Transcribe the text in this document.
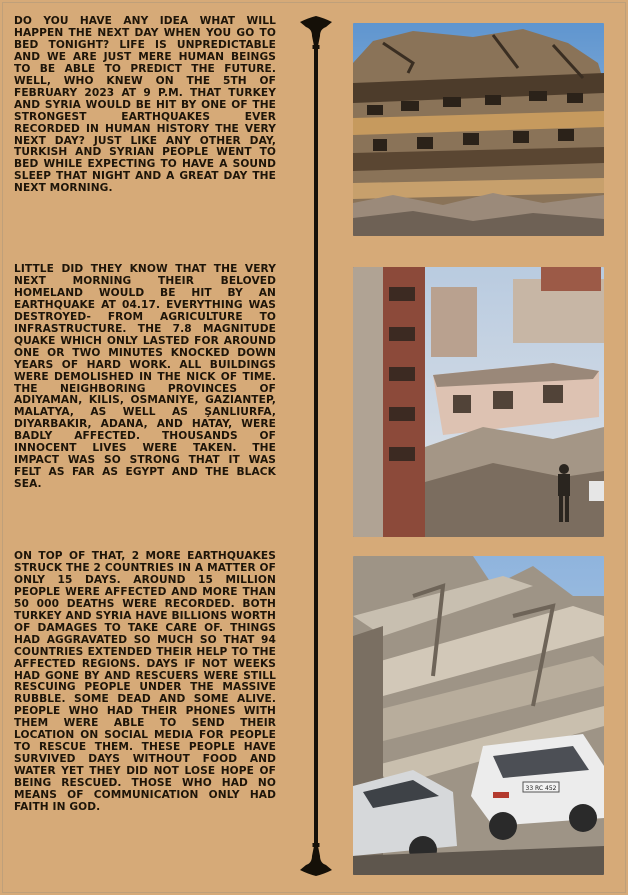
DO YOU HAVE ANY IDEA WHAT WILL HAPPEN THE NEXT DAY WHEN YOU GO TO BED TONIGHT? LIFE IS UNPREDICTABLE AND WE ARE JUST MERE HUMAN BEINGS TO BE ABLE TO PREDICT THE FUTURE. WELL, WHO KNEW ON THE 5TH OF FEBRUARY 2023 AT 9 P.M. THAT TURKEY AND SYRIA WOULD BE HIT BY ONE OF THE STRONGEST EARTHQUAKES EVER RECORDED IN HUMAN HISTORY THE VERY NEXT DAY? JUST LIKE ANY OTHER DAY, TURKISH AND SYRIAN PEOPLE WENT TO BED WHILE EXPECTING TO HAVE A SOUND SLEEP THAT NIGHT AND A GREAT DAY THE NEXT MORNING.

LITTLE DID THEY KNOW THAT THE VERY NEXT MORNING THEIR BELOVED HOMELAND WOULD BE HIT BY AN EARTHQUAKE AT 04.17. EVERYTHING WAS DESTROYED- FROM AGRICULTURE TO INFRASTRUCTURE. THE 7.8 MAGNITUDE QUAKE WHICH ONLY LASTED FOR AROUND ONE OR TWO MINUTES KNOCKED DOWN YEARS OF HARD WORK. ALL BUILDINGS WERE DEMOLISHED IN THE NICK OF TIME. THE NEIGHBORING PROVINCES OF ADIYAMAN, KILIS, OSMANIYE, GAZIANTEP, MALATYA, AS WELL AS ŞANLIURFA, DIYARBAKIR, ADANA, AND HATAY, WERE BADLY AFFECTED. THOUSANDS OF INNOCENT LIVES WERE TAKEN. THE IMPACT WAS SO STRONG THAT IT WAS FELT AS FAR AS EGYPT AND THE BLACK SEA.

ON TOP OF THAT, 2 MORE EARTHQUAKES STRUCK THE 2 COUNTRIES IN A MATTER OF ONLY 15 DAYS. AROUND 15 MILLION PEOPLE WERE AFFECTED AND MORE THAN 50 000 DEATHS WERE RECORDED. BOTH TURKEY AND SYRIA HAVE BILLIONS WORTH OF DAMAGES TO TAKE CARE OF. THINGS HAD AGGRAVATED SO MUCH SO THAT 94 COUNTRIES EXTENDED THEIR HELP TO THE AFFECTED REGIONS. DAYS IF NOT WEEKS HAD GONE BY AND RESCUERS WERE STILL RESCUING PEOPLE UNDER THE MASSIVE RUBBLE. SOME DEAD AND SOME ALIVE. PEOPLE WHO HAD THEIR PHONES WITH THEM WERE ABLE TO SEND THEIR LOCATION ON SOCIAL MEDIA FOR PEOPLE TO RESCUE THEM. THESE PEOPLE HAVE SURVIVED DAYS WITHOUT FOOD AND WATER YET THEY DID NOT LOSE HOPE OF BEING RESCUED. THOSE WHO HAD NO MEANS OF COMMUNICATION ONLY HAD FAITH IN GOD.

33 RC 452
